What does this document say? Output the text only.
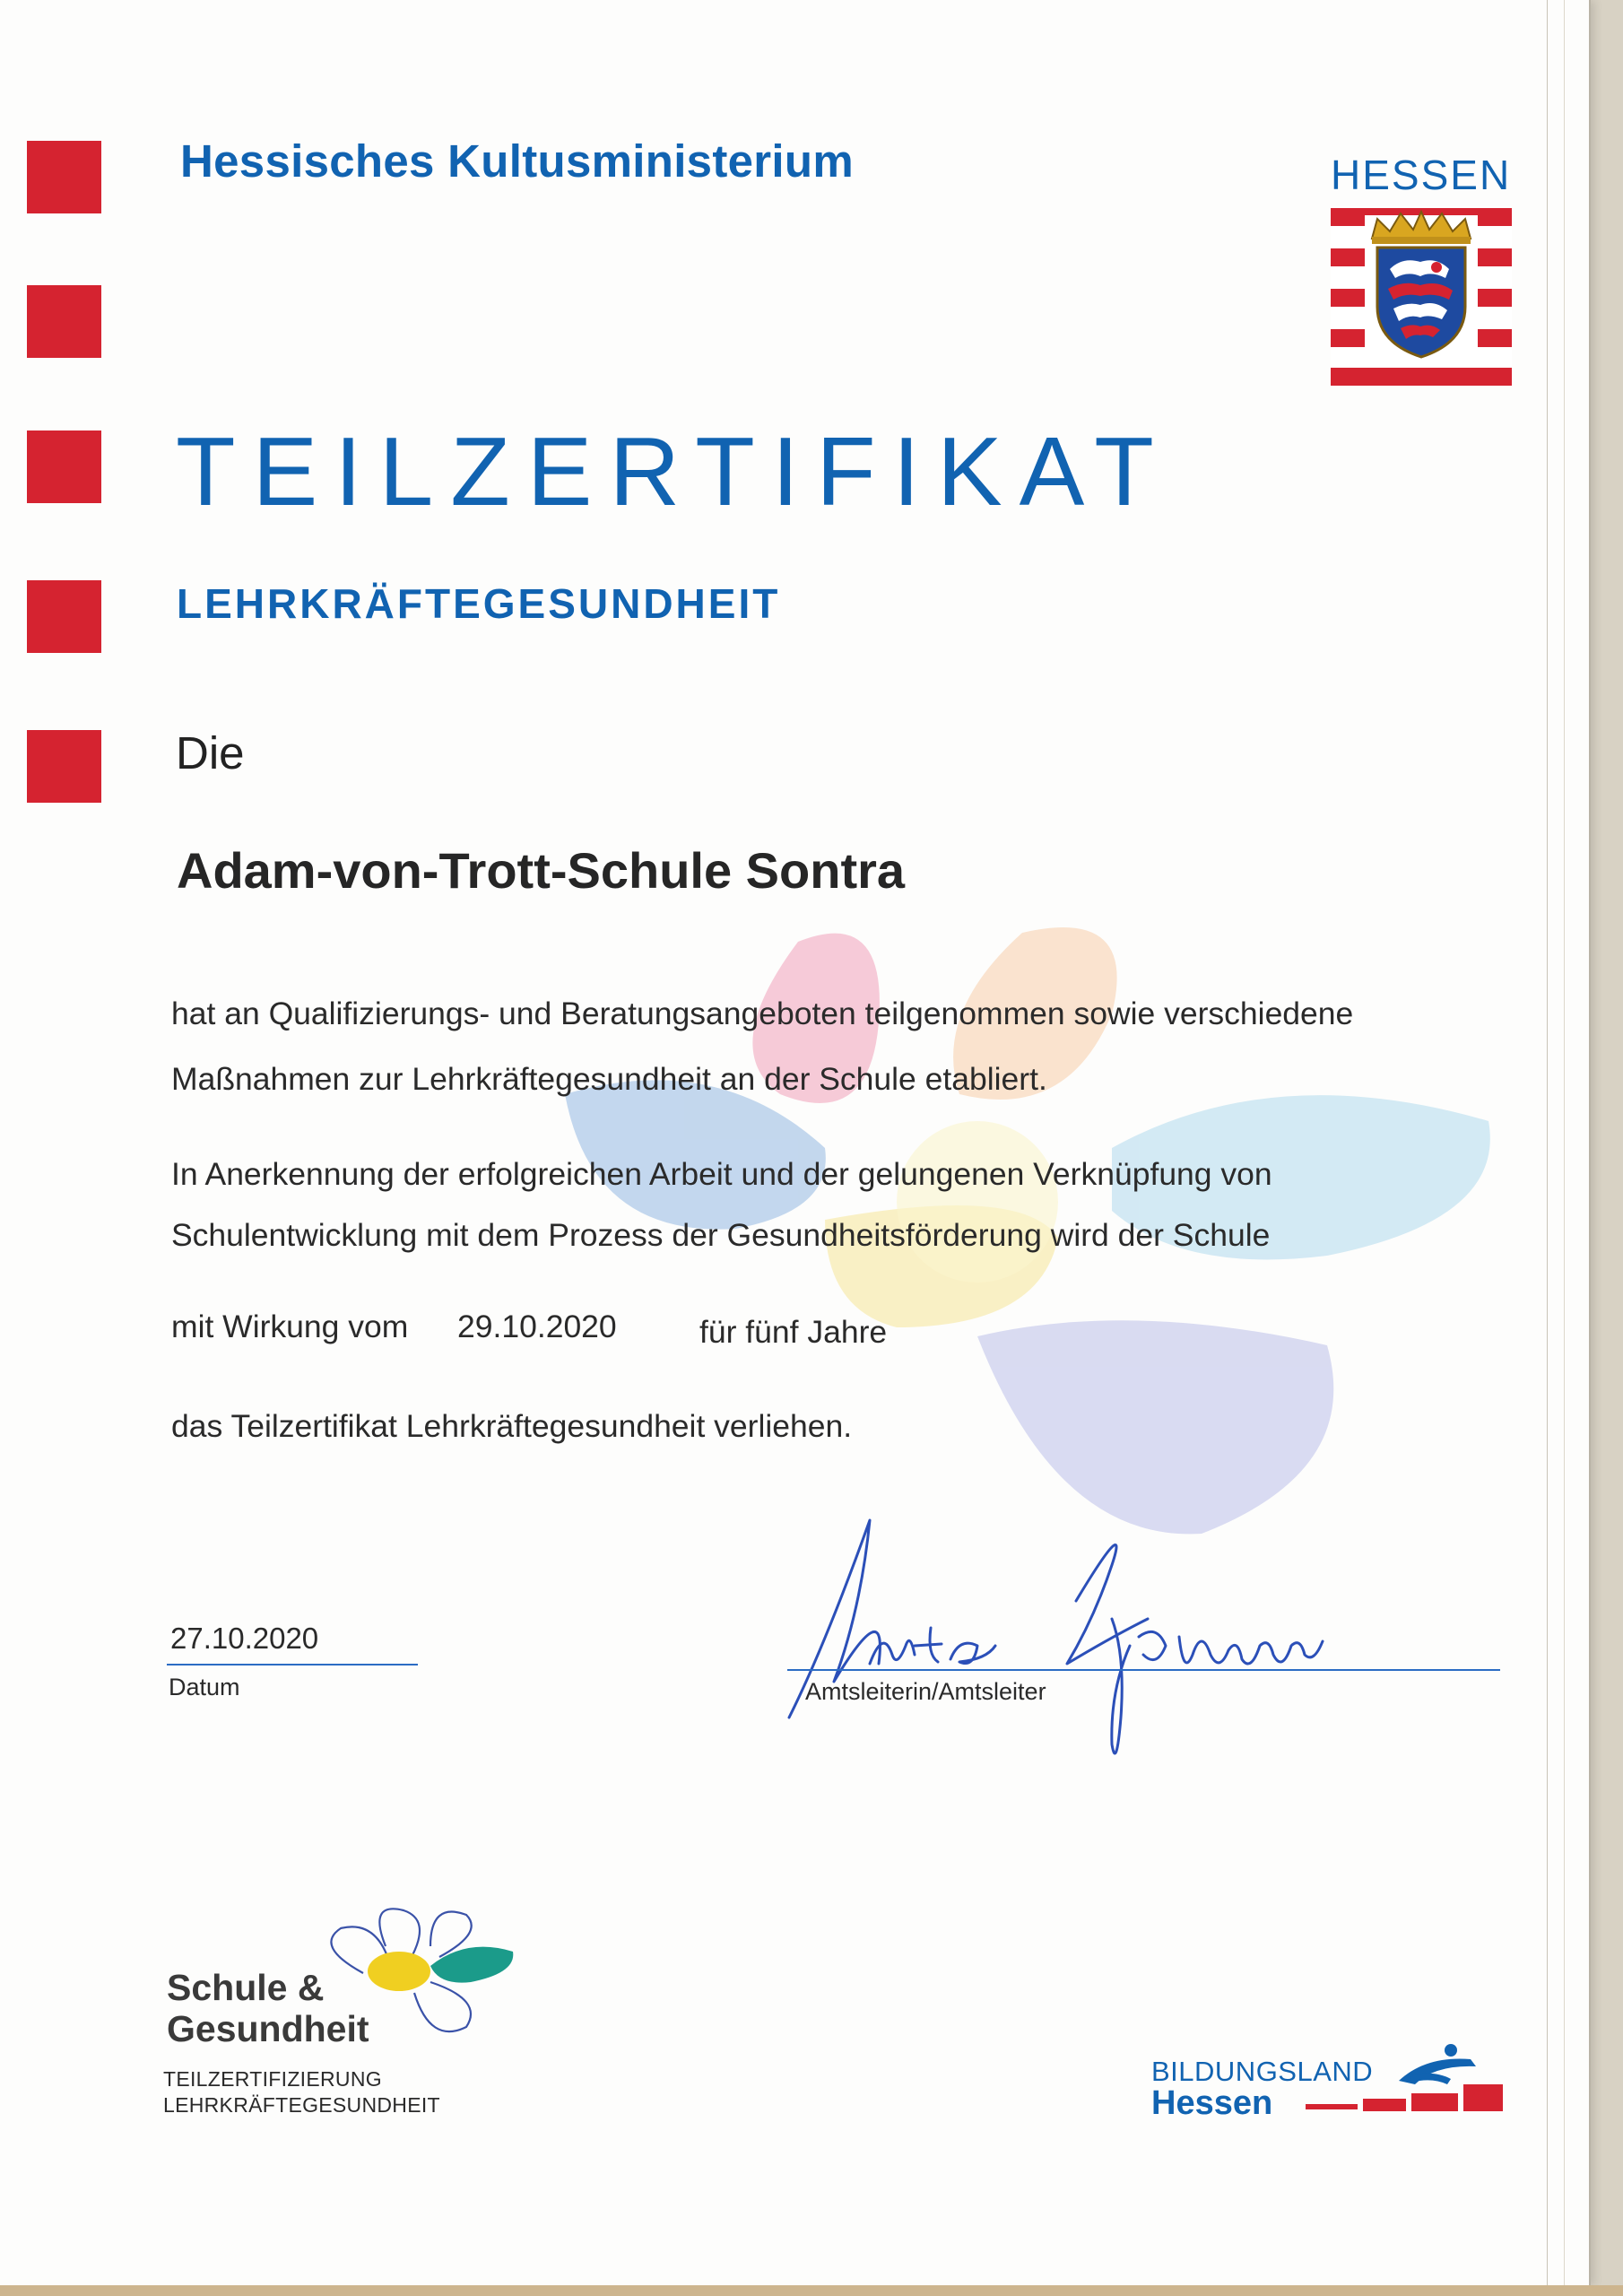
Hessisches Kultusministerium	HESSEN

TEILZERTIFIKAT
LEHRKRÄFTEGESUNDHEIT

Die

Adam-von-Trott-Schule Sontra

hat an Qualifizierungs- und Beratungsangeboten teilgenommen sowie verschiedene

Maßnahmen zur Lehrkräftegesundheit an der Schule etabliert.

In Anerkennung der erfolgreichen Arbeit und der gelungenen Verknüpfung von

Schulentwicklung mit dem Prozess der Gesundheitsförderung wird der Schule

mit Wirkung vom 29.10.2020	für fünf Jahre

das Teilzertifikat Lehrkräftegesundheit verliehen.

27.10.2020
Datum	Amtsleiterin/Amtsleiter

Schule &

Gesundheit

TEILZERTIFIZIERUNG
LEHRKRÄFTEGESUNDHEIT
BILDUNGSLAND
Hessen
